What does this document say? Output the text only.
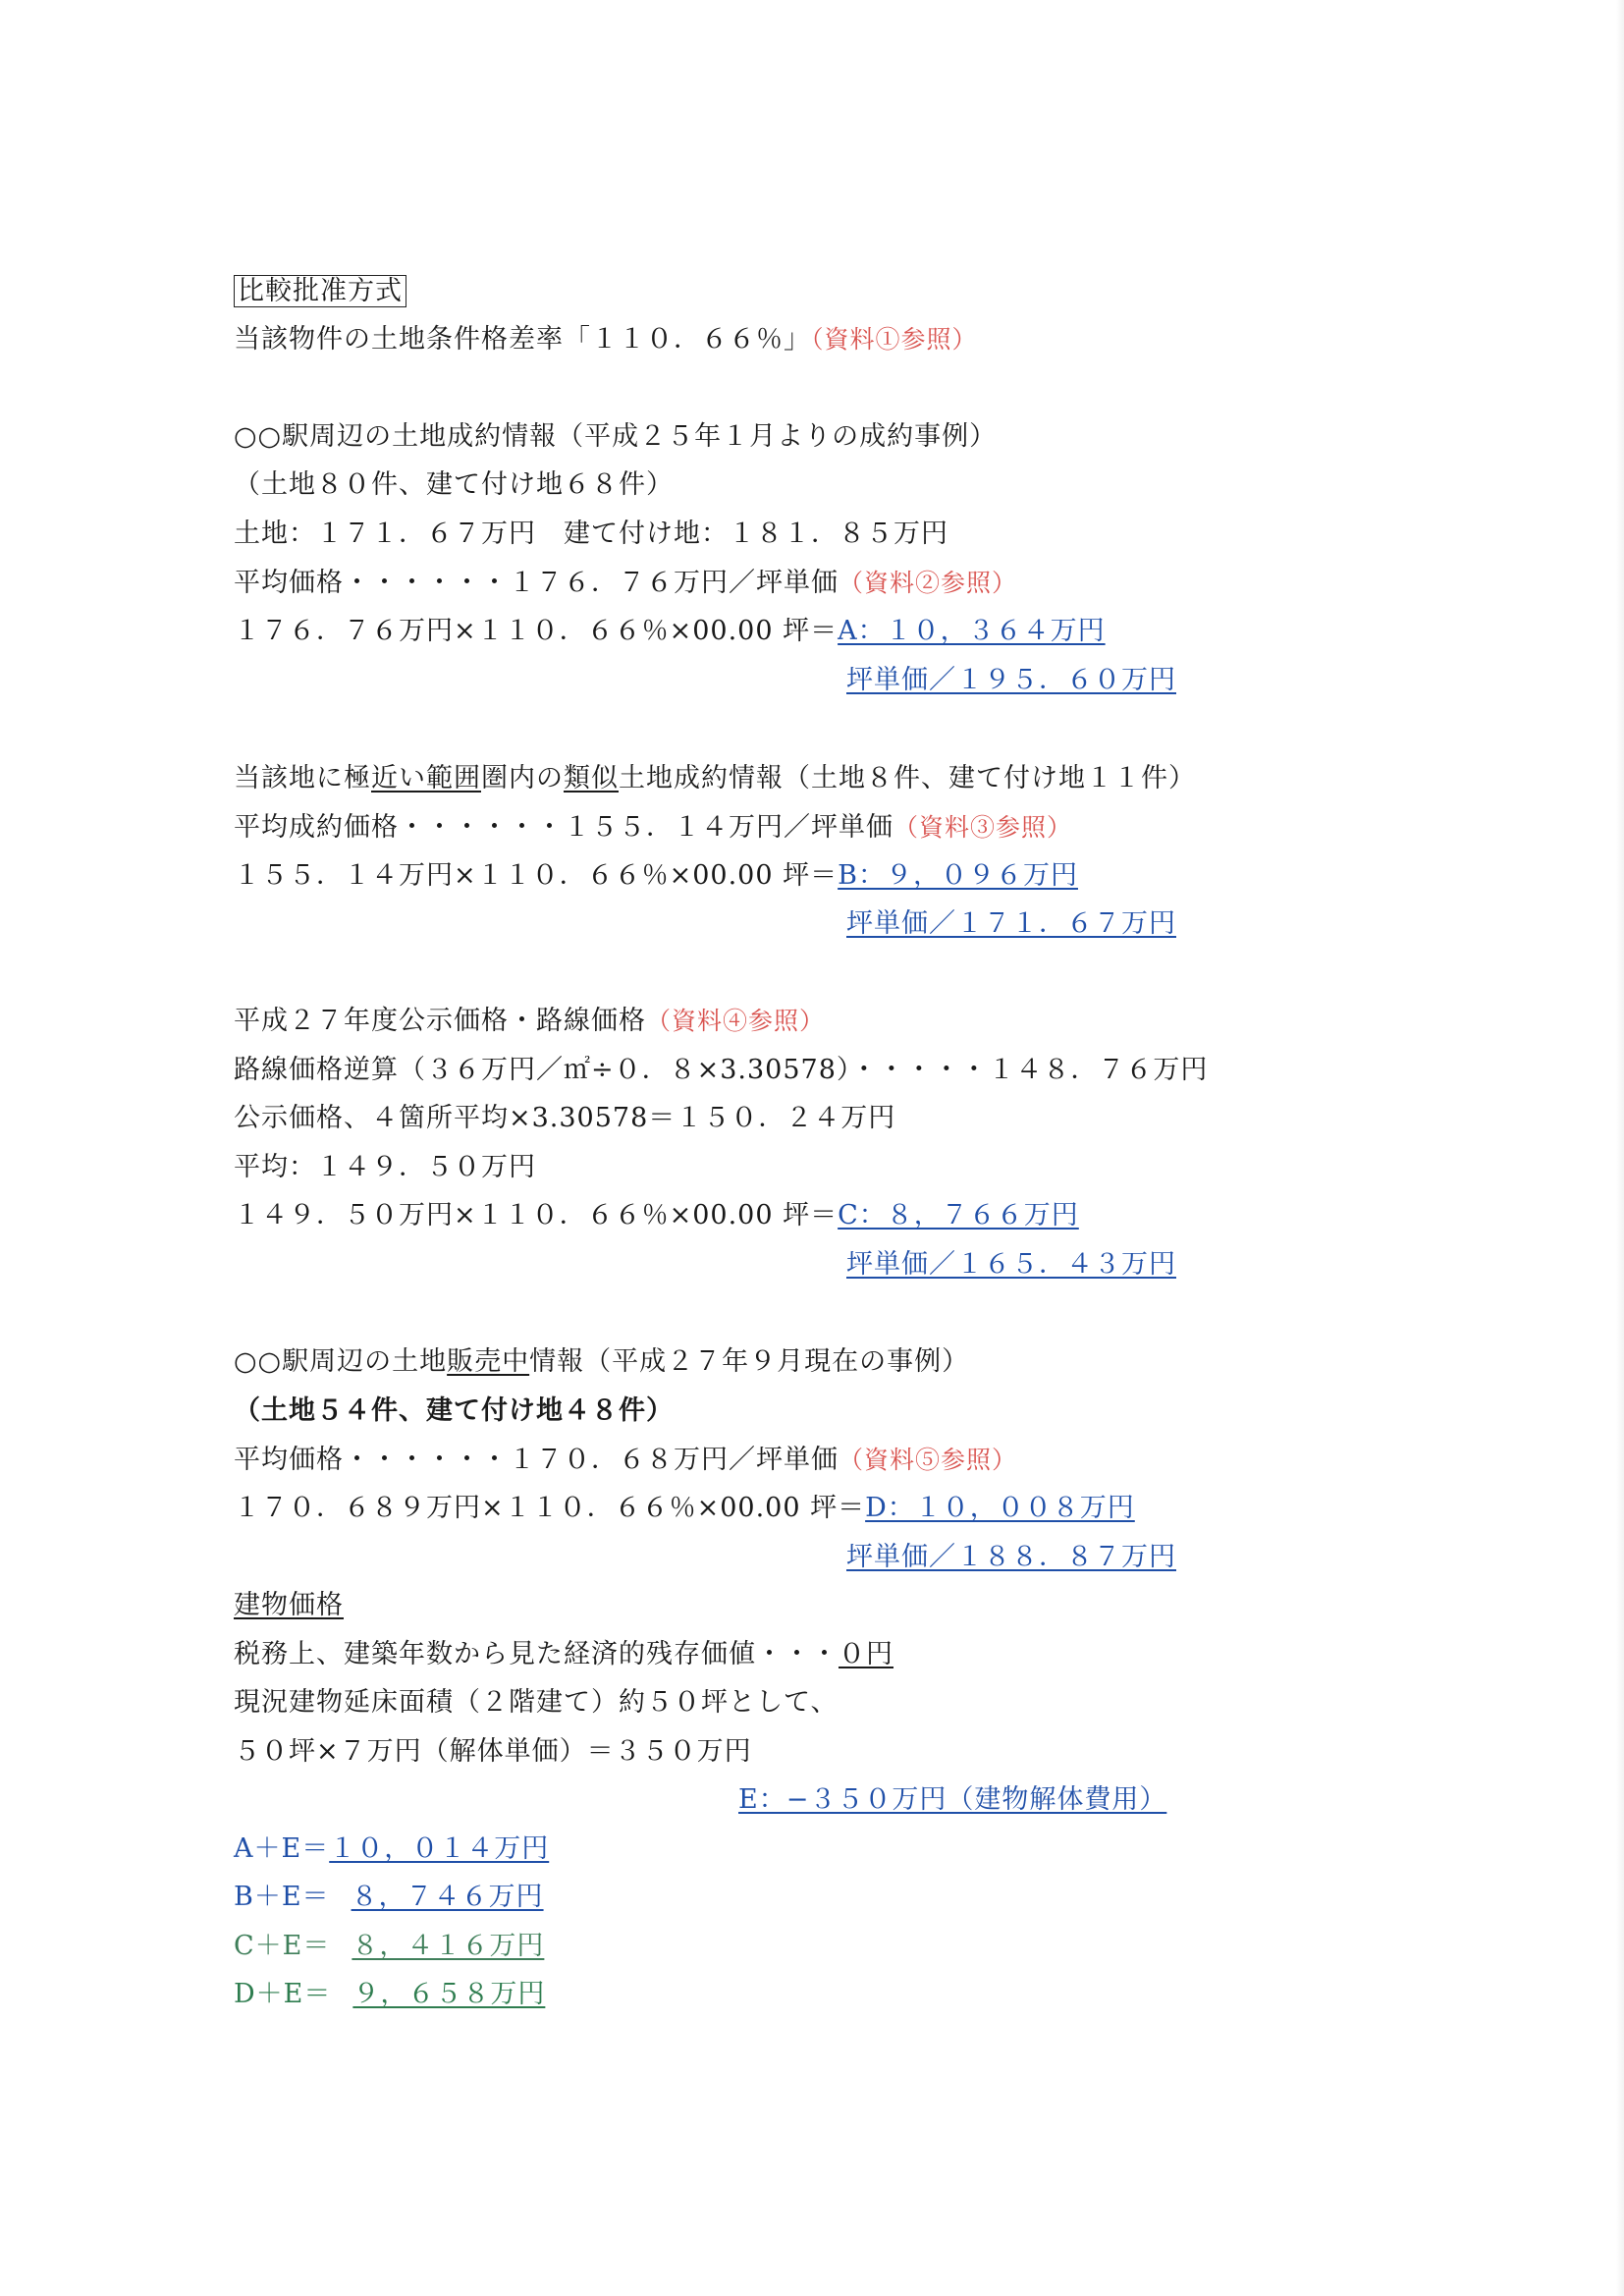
比較批准方式
当該物件の土地条件格差率「１１０．６６％」（資料①参照）
○○駅周辺の土地成約情報（平成２５年１月よりの成約事例）
（土地８０件、建て付け地６８件）
土地：１７１．６７万円　建て付け地：１８１．８５万円
平均価格・・・・・・１７６．７６万円／坪単価（資料②参照）
１７６．７６万円×１１０．６６％×00.00 坪＝A：１０，３６４万円
坪単価／１９５．６０万円
当該地に極近い範囲圏内の類似土地成約情報（土地８件、建て付け地１１件）
平均成約価格・・・・・・１５５．１４万円／坪単価（資料③参照）
１５５．１４万円×１１０．６６％×00.00 坪＝B：９，０９６万円
坪単価／１７１．６７万円
平成２７年度公示価格・路線価格（資料④参照）
路線価格逆算（３６万円／㎡÷０．８×3.30578）・・・・・１４８．７６万円
公示価格、４箇所平均×3.30578＝１５０．２４万円
平均：１４９．５０万円
１４９．５０万円×１１０．６６％×00.00 坪＝C：８，７６６万円
坪単価／１６５．４３万円
○○駅周辺の土地販売中情報（平成２７年９月現在の事例）
（土地５４件、建て付け地４８件）
平均価格・・・・・・１７０．６８万円／坪単価（資料⑤参照）
１７０．６８９万円×１１０．６６％×00.00 坪＝D：１０，００８万円
坪単価／１８８．８７万円
建物価格
税務上、建築年数から見た経済的残存価値・・・０円
現況建物延床面積（２階建て）約５０坪として、
５０坪×７万円（解体単価）＝３５０万円
E：−３５０万円（建物解体費用）
A＋E＝１０，０１４万円
B＋E＝ ８，７４６万円
C＋E＝ ８，４１６万円
D＋E＝ ９，６５８万円
